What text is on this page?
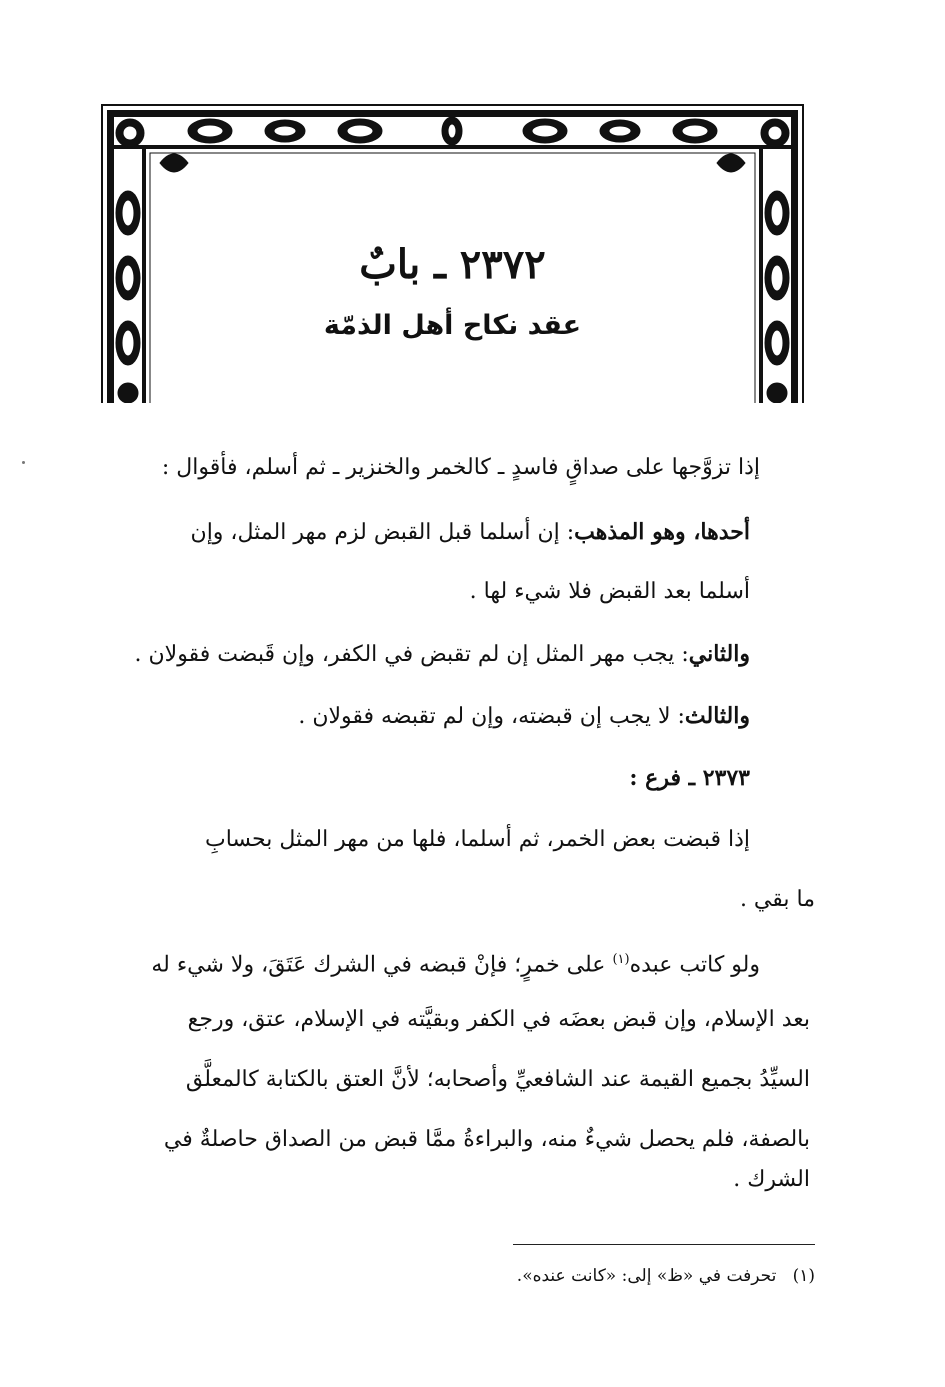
٢٣٧٢ ـ بابٌ
عقد نكاح أهل الذمّة
إذا تزوَّجها على صداقٍ فاسدٍ ـ كالخمر والخنزير ـ ثم أسلم، فأقوال :
أحدها، وهو المذهب: إن أسلما قبل القبض لزم مهر المثل، وإن
أسلما بعد القبض فلا شيء لها .
والثاني: يجب مهر المثل إن لم تقبض في الكفر، وإن قَبضت فقولان .
والثالث: لا يجب إن قبضته، وإن لم تقبضه فقولان .
٢٣٧٣ ـ فرع :
إذا قبضت بعض الخمر، ثم أسلما، فلها من مهر المثل بحسابِ
ما بقي .
ولو كاتب عبده$^{(١)}$ على خمرٍ؛ فإنْ قبضه في الشرك عَتَقَ، ولا شيء له
بعد الإسلام، وإن قبض بعضَه في الكفر وبقيَّته في الإسلام، عتق، ورجع
السيِّدُ بجميع القيمة عند الشافعيِّ وأصحابه؛ لأنَّ العتق بالكتابة كالمعلَّق
بالصفة، فلم يحصل شيءٌ منه، والبراءةُ ممَّا قبض من الصداق حاصلةٌ في
الشرك .
(١)   تحرفت في «ظ» إلى: «كانت عنده».
